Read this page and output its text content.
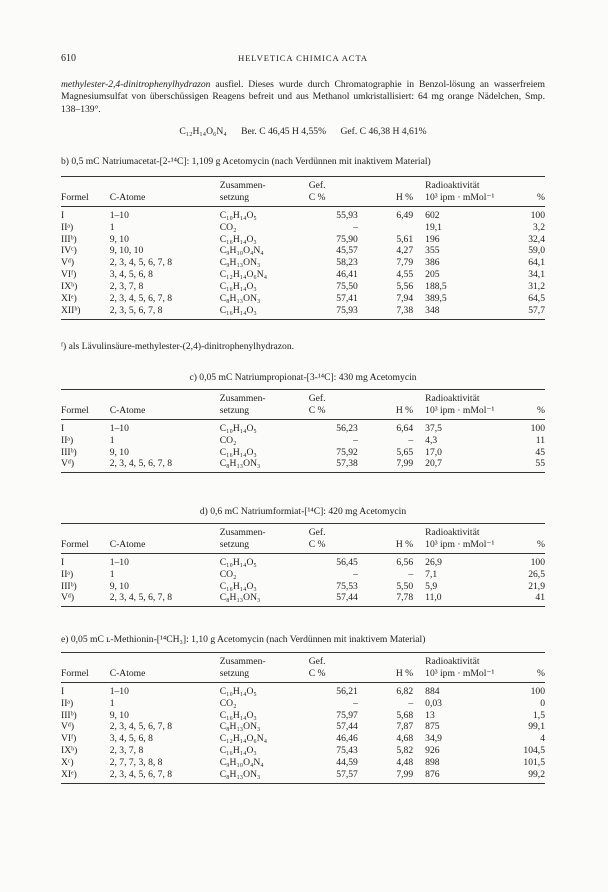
610	HELVETICA CHIMICA ACTA
methylester-2,4-dinitrophenylhydrazon ausfiel. Dieses wurde durch Chromatographie in Benzol-lösung an wasserfreiem Magnesiumsulfat von überschüssigen Reagens befreit und aus Methanol umkristallisiert: 64 mg orange Nädelchen, Smp. 138–139°.
C₁₂H₁₄O₆N₄ Ber. C 46,45 H 4,55% Gef. C 46,38 H 4,61%
b) 0,5 mC Natriumacetat-[2-¹⁴C]: 1,109 g Acetomycin (nach Verdünnen mit inaktivem Material)
		Zusammen-	Gef.		Radioaktivität	
Formel	C-Atome	setzung	C %	H %	10³ ipm · mMol⁻¹	%
I	1–10	C₁₀H₁₄O₅	55,93	6,49	602	100
IIᵃ)	1	CO₂	–		19,1	3,2
IIIᵇ)	9, 10	C₁₆H₁₄O₃	75,90	5,61	196	32,4
IVᶜ)	9, 10, 10	C₉H₁₀O₄N₄	45,57	4,27	355	59,0
Vᵈ)	2, 3, 4, 5, 6, 7, 8	C₉H₁₃ON₃	58,23	7,79	386	64,1
VIᶠ)	3, 4, 5, 6, 8	C₁₂H₁₄O₆N₄	46,41	4,55	205	34,1
IXᵇ)	2, 3, 7, 8	C₁₆H₁₄O₃	75,50	5,56	188,5	31,2
XIᵉ)	2, 3, 4, 5, 6, 7, 8	C₈H₁₃ON₃	57,41	7,94	389,5	64,5
XIIᵇ)	2, 3, 5, 6, 7, 8	C₁₆H₁₄O₃	75,93	7,38	348	57,7
ᶠ) als Lävulinsäure-methylester-(2,4)-dinitrophenylhydrazon.
c) 0,05 mC Natriumpropionat-[3-¹⁴C]: 430 mg Acetomycin
		Zusammen-	Gef.		Radioaktivität	
Formel	C-Atome	setzung	C %	H %	10³ ipm · mMol⁻¹	%
I	1–10	C₁₀H₁₄O₅	56,23	6,64	37,5	100
IIᵃ)	1	CO₂	–	–	4,3	11
IIIᵇ)	9, 10	C₁₆H₁₄O₃	75,92	5,65	17,0	45
Vᵈ)	2, 3, 4, 5, 6, 7, 8	C₈H₁₃ON₃	57,38	7,99	20,7	55
d) 0,6 mC Natriumformiat-[¹⁴C]: 420 mg Acetomycin
		Zusammen-	Gef.		Radioaktivität	
Formel	C-Atome	setzung	C %	H %	10³ ipm · mMol⁻¹	%
I	1–10	C₁₀H₁₄O₅	56,45	6,56	26,9	100
IIᵃ)	1	CO₂	–	–	7,1	26,5
IIIᵇ)	9, 10	C₁₆H₁₄O₃	75,53	5,50	5,9	21,9
Vᵈ)	2, 3, 4, 5, 6, 7, 8	C₈H₁₃ON₃	57,44	7,78	11,0	41
e) 0,05 mC ʟ-Methionin-[¹⁴CH₃]: 1,10 g Acetomycin (nach Verdünnen mit inaktivem Material)
		Zusammen-	Gef.		Radioaktivität	
Formel	C-Atome	setzung	C %	H %	10³ ipm · mMol⁻¹	%
I	1–10	C₁₀H₁₄O₅	56,21	6,82	884	100
IIᵃ)	1	CO₂	–	–	0,03	0
IIIᵇ)	9, 10	C₁₆H₁₄O₃	75,97	5,68	13	1,5
Vᵈ)	2, 3, 4, 5, 6, 7, 8	C₈H₁₃ON₃	57,44	7,87	875	99,1
VIᶠ)	3, 4, 5, 6, 8	C₁₂H₁₄O₆N₄	46,46	4,68	34,9	4
IXᵇ)	2, 3, 7, 8	C₁₆H₁₄O₃	75,43	5,82	926	104,5
Xᶜ)	2, 7, 7, 3, 8, 8	C₉H₁₀O₄N₄	44,59	4,48	898	101,5
XIᵉ)	2, 3, 4, 5, 6, 7, 8	C₈H₁₃ON₃	57,57	7,99	876	99,2
